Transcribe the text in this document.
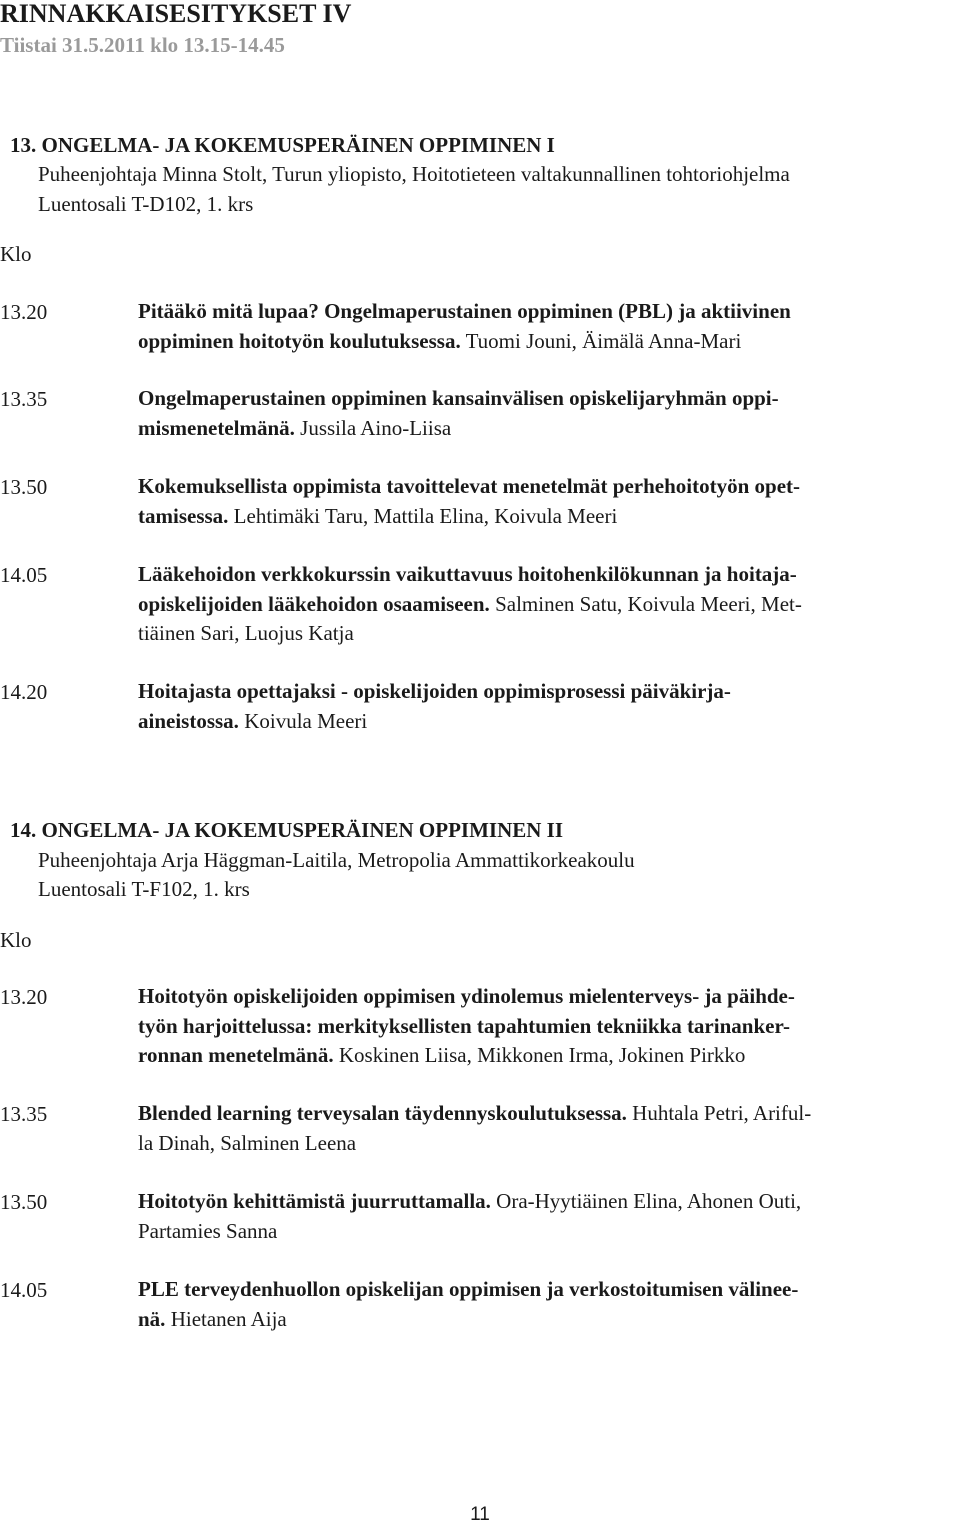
RINNAKKAISESITYKSET IV
Tiistai 31.5.2011 klo 13.15-14.45
13. ONGELMA- JA KOKEMUSPERÄINEN OPPIMINEN I
Puheenjohtaja Minna Stolt, Turun yliopisto, Hoitotieteen valtakunnallinen tohtoriohjelma
Luentosali T-D102, 1. krs
Klo
13.20	Pitääkö mitä lupaa? Ongelmaperustainen oppiminen (PBL) ja aktiivinen
oppiminen hoitotyön koulutuksessa. Tuomi Jouni, Äimälä Anna-Mari
13.35	Ongelmaperustainen oppiminen kansainvälisen opiskelijaryhmän oppi-
mismenetelmänä. Jussila Aino-Liisa
13.50	Kokemuksellista oppimista tavoittelevat menetelmät perhehoitotyön opet-
tamisessa. Lehtimäki Taru, Mattila Elina, Koivula Meeri
14.05	Lääkehoidon verkkokurssin vaikuttavuus hoitohenkilökunnan ja hoitaja-
opiskelijoiden lääkehoidon osaamiseen. Salminen Satu, Koivula Meeri, Met-
tiäinen Sari, Luojus Katja
14.20	Hoitajasta opettajaksi - opiskelijoiden oppimisprosessi päiväkirja-
aineistossa. Koivula Meeri
14. ONGELMA- JA KOKEMUSPERÄINEN OPPIMINEN II
Puheenjohtaja Arja Häggman-Laitila, Metropolia Ammattikorkeakoulu
Luentosali T-F102, 1. krs
Klo
13.20	Hoitotyön opiskelijoiden oppimisen ydinolemus mielenterveys- ja päihde-
työn harjoittelussa: merkityksellisten tapahtumien tekniikka tarinanker-
ronnan menetelmänä. Koskinen Liisa, Mikkonen Irma, Jokinen Pirkko
13.35	Blended learning terveysalan täydennyskoulutuksessa. Huhtala Petri, Ariful-
la Dinah, Salminen Leena
13.50	Hoitotyön kehittämistä juurruttamalla. Ora-Hyytiäinen Elina, Ahonen Outi,
Partamies Sanna
14.05	PLE terveydenhuollon opiskelijan oppimisen ja verkostoitumisen välinee-
nä. Hietanen Aija
11
